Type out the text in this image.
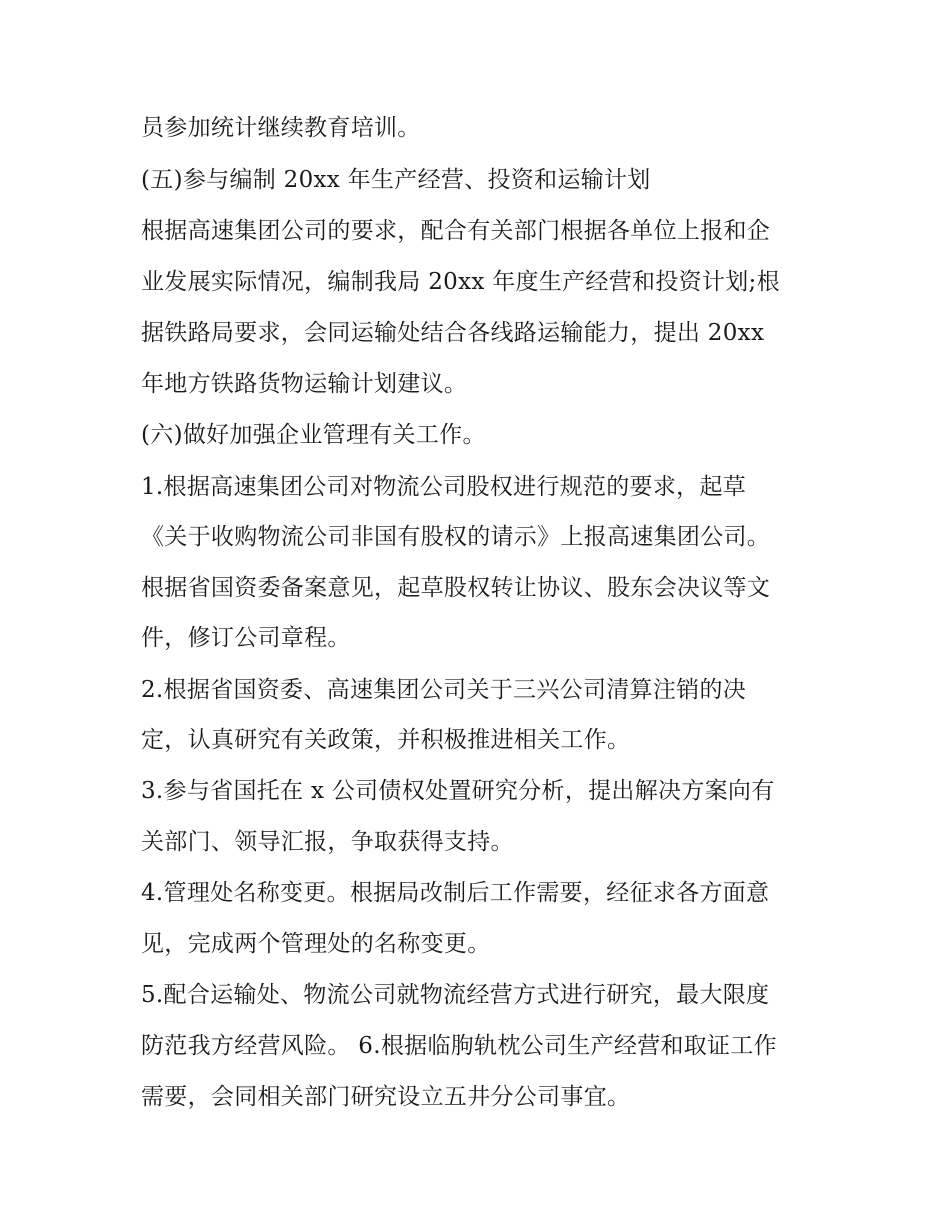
员参加统计继续教育培训。
(五)参与编制 20xx 年生产经营、投资和运输计划
根据高速集团公司的要求，配合有关部门根据各单位上报和企
业发展实际情况，编制我局 20xx 年度生产经营和投资计划;根
据铁路局要求，会同运输处结合各线路运输能力，提出 20xx
年地方铁路货物运输计划建议。
(六)做好加强企业管理有关工作。
1.根据高速集团公司对物流公司股权进行规范的要求，起草
《关于收购物流公司非国有股权的请示》上报高速集团公司。
根据省国资委备案意见，起草股权转让协议、股东会决议等文
件，修订公司章程。
2.根据省国资委、高速集团公司关于三兴公司清算注销的决
定，认真研究有关政策，并积极推进相关工作。
3.参与省国托在 x 公司债权处置研究分析，提出解决方案向有
关部门、领导汇报，争取获得支持。
4.管理处名称变更。根据局改制后工作需要，经征求各方面意
见，完成两个管理处的名称变更。
5.配合运输处、物流公司就物流经营方式进行研究，最大限度
防范我方经营风险。 6.根据临朐轨枕公司生产经营和取证工作
需要，会同相关部门研究设立五井分公司事宜。
